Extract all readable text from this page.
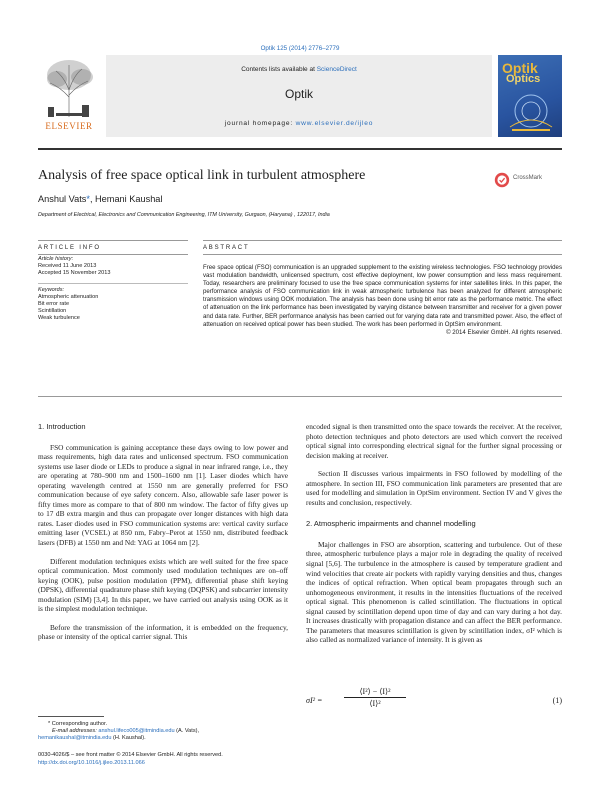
Optik 125 (2014) 2776–2779
ELSEVIER
Contents lists available at ScienceDirect
Optik
journal homepage: www.elsevier.de/ijleo
Optik
Optics
Analysis of free space optical link in turbulent atmosphere	CrossMark
Anshul Vats*, Hemani Kaushal
Department of Electrical, Electronics and Communication Engineering, ITM University, Gurgaon, (Haryana) , 122017, India
ARTICLE INFO	ABSTRACT
Article history:
Received 11 June 2013
Accepted 15 November 2013
Keywords:
Atmospheric attenuation
Bit error rate
Scintillation
Weak turbulence
Free space optical (FSO) communication is an upgraded supplement to the existing wireless technologies. FSO technology provides vast modulation bandwidth, unlicensed spectrum, cost effective deployment, low power consumption and less mass requirement. Today, researchers are preliminary focused to use the free space communication systems for inter satellites links. In this paper, the performance analysis of FSO communication link in weak atmospheric turbulence has been analyzed for different atmospheric transmission windows using OOK modulation. The analysis has been done using bit error rate as the performance metric. The effect of attenuation on the link performance has been investigated by varying distance between transmitter and receiver for a given power and data rate. Further, BER performance analysis has been carried out for varying data rate and transmitted power. Also, the effect of attenuation on received optical power has been studied. The work has been performed in OptSim environment.
© 2014 Elsevier GmbH. All rights reserved.
1. Introduction

FSO communication is gaining acceptance these days owing to low power and mass requirements, high data rates and unlicensed spectrum. FSO communication systems use laser diode or LEDs to produce a signal in near infrared range, i.e., they are operating at 780–900 nm and 1500–1600 nm [1]. Laser diodes which have operating wavelength centred at 1550 nm are generally preferred for FSO communication because of eye safety concern. Also, allowable safe laser power is fifty times more as compare to that of 800 nm window. The factor of fifty gives up to 17 dB extra margin and thus can propagate over longer distances with high data rates. Laser diodes used in FSO communication systems are: vertical cavity surface emitting laser (VCSEL) at 850 nm, Fabry–Perot at 1550 nm, distributed feedback lasers (DFB) at 1550 nm and Nd: YAG at 1064 nm [2].

Different modulation techniques exists which are well suited for the free space optical communication. Most commonly used modulation techniques are on–off keying (OOK), pulse position modulation (PPM), differential phase shift keying (DPSK), differential quadrature phase shift keying (DQPSK) and subcarrier intensity modulation (SIM) [3,4]. In this paper, we have carried out analysis using OOK as it is the simplest modulation technique.

Before the transmission of the information, it is embedded on the frequency, phase or intensity of the optical carrier signal. This

encoded signal is then transmitted onto the space towards the receiver. At the receiver, photo detection techniques and photo detectors are used which convert the received optical signal into corresponding electrical signal for the further signal processing or decision making at receiver.

Section II discusses various impairments in FSO followed by modelling of the atmosphere. In section III, FSO communication link parameters are presented that are used for modelling and simulation in OptSim environment. Section IV and V gives the results and conclusion, respectively.

2. Atmospheric impairments and channel modelling

Major challenges in FSO are absorption, scattering and turbulence. Out of these three, atmospheric turbulence plays a major role in degrading the quality of received signal [5,6]. The turbulence in the atmosphere is caused by temperature gradient and wind velocities that create air pockets with rapidly varying densities and thus, changes the indices of optical refraction. When optical beam propagates through such an unhomogeneous environment, it results in the intensities fluctuations of the received optical signal. This phenomenon is called scintillation. The fluctuations in optical signal caused by scintillation depend upon time of day and can vary during a hot day. It increases drastically with propagation distance and can affect the BER performance. The parameters that measures scintillation is given by scintillation index, σI² which is also called as normalized variance of intensity. It is given as

σI² =
⟨I²⟩ − ⟨I⟩²
⟨I⟩²	(1)
* Corresponding author.
E-mail addresses: anshul.lifeco005@itmindia.edu (A. Vats),
hemanikaushal@itmindia.edu (H. Kaushal).
0030-4026/$ – see front matter © 2014 Elsevier GmbH. All rights reserved.
http://dx.doi.org/10.1016/j.ijleo.2013.11.066
